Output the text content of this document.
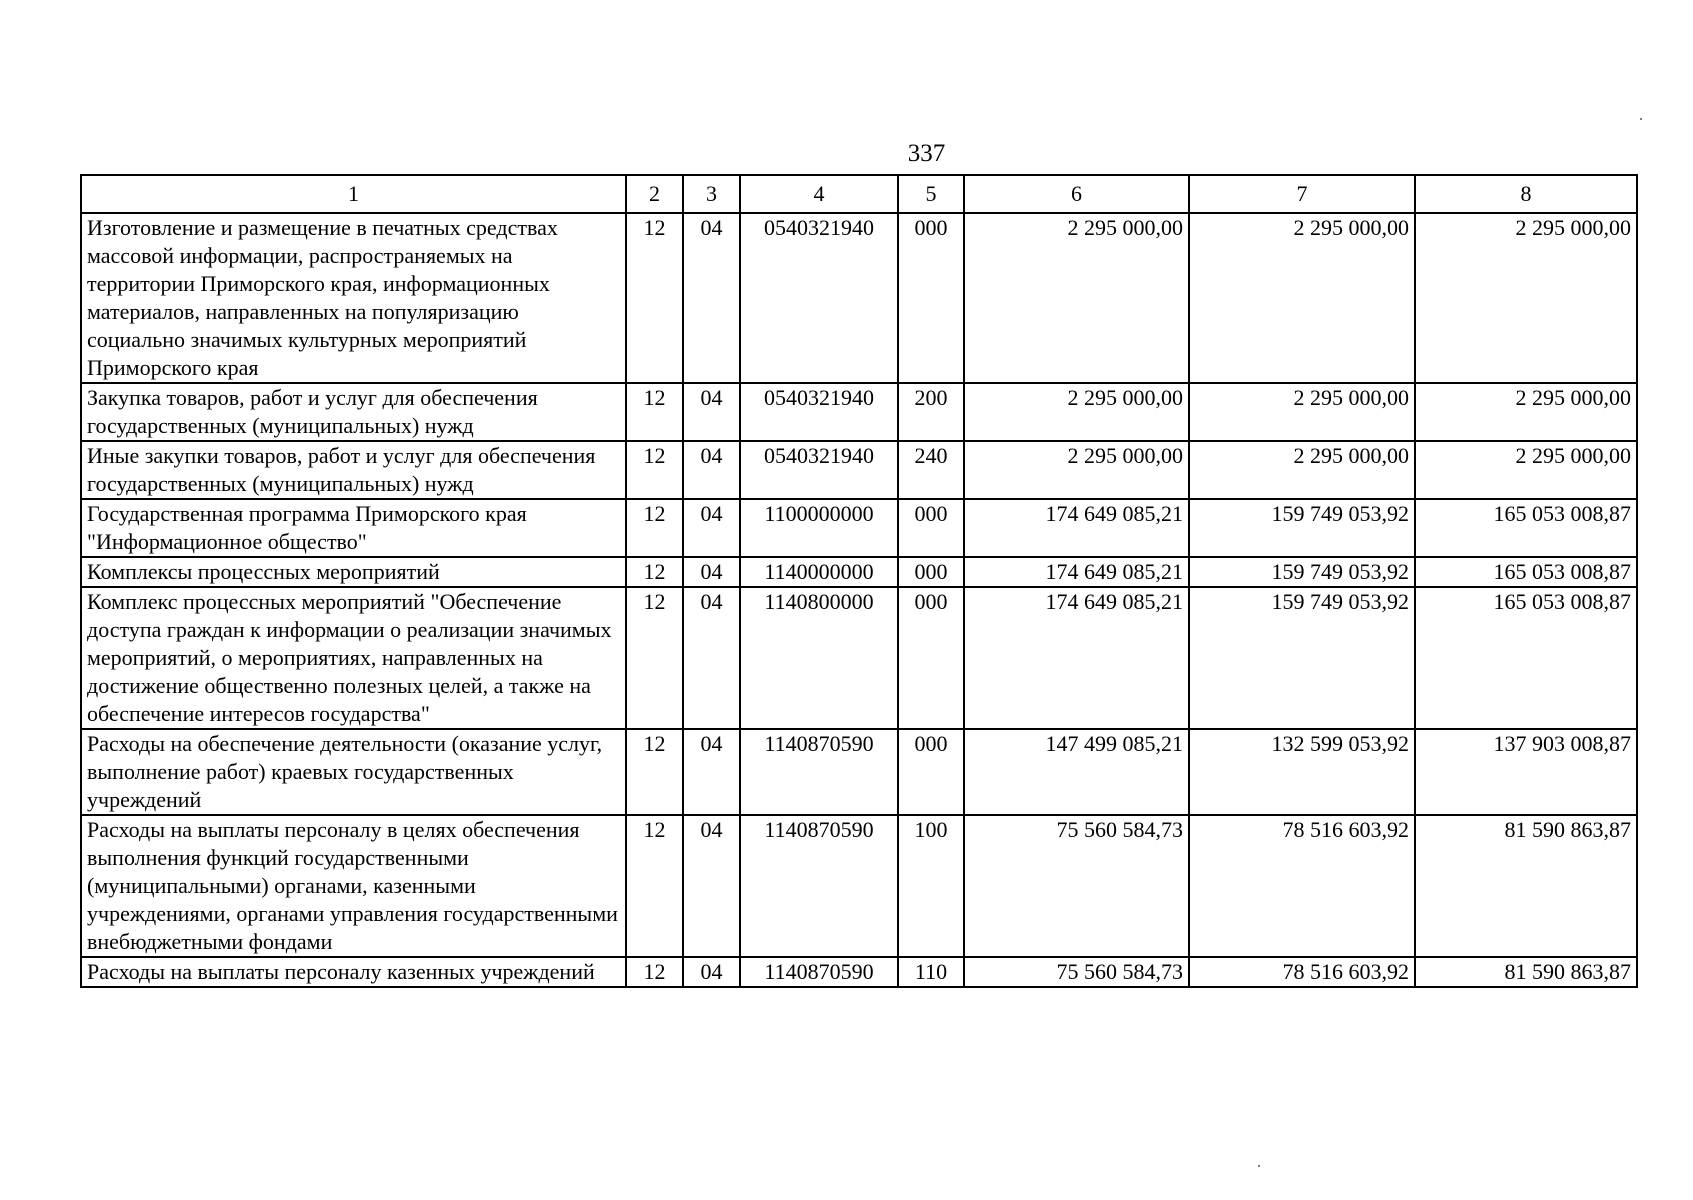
337
1	2	3	4	5	6	7	8
Изготовление и размещение в печатных средствах массовой информации, распространяемых на территории Приморского края, информационных материалов, направленных на популяризацию социально значимых культурных мероприятий Приморского края	12	04	0540321940	000	2 295 000,00	2 295 000,00	2 295 000,00
Закупка товаров, работ и услуг для обеспечения государственных (муниципальных) нужд	12	04	0540321940	200	2 295 000,00	2 295 000,00	2 295 000,00
Иные закупки товаров, работ и услуг для обеспечения государственных (муниципальных) нужд	12	04	0540321940	240	2 295 000,00	2 295 000,00	2 295 000,00
Государственная программа Приморского края "Информационное общество"	12	04	1100000000	000	174 649 085,21	159 749 053,92	165 053 008,87
Комплексы процессных мероприятий	12	04	1140000000	000	174 649 085,21	159 749 053,92	165 053 008,87
Комплекс процессных мероприятий "Обеспечение доступа граждан к информации о реализации значимых мероприятий, о мероприятиях, направленных на достижение общественно полезных целей, а также на обеспечение интересов государства"	12	04	1140800000	000	174 649 085,21	159 749 053,92	165 053 008,87
Расходы на обеспечение деятельности (оказание услуг, выполнение работ) краевых государственных учреждений	12	04	1140870590	000	147 499 085,21	132 599 053,92	137 903 008,87
Расходы на выплаты персоналу в целях обеспечения выполнения функций государственными (муниципальными) органами, казенными учреждениями, органами управления государственными внебюджетными фондами	12	04	1140870590	100	75 560 584,73	78 516 603,92	81 590 863,87
Расходы на выплаты персоналу казенных учреждений	12	04	1140870590	110	75 560 584,73	78 516 603,92	81 590 863,87
